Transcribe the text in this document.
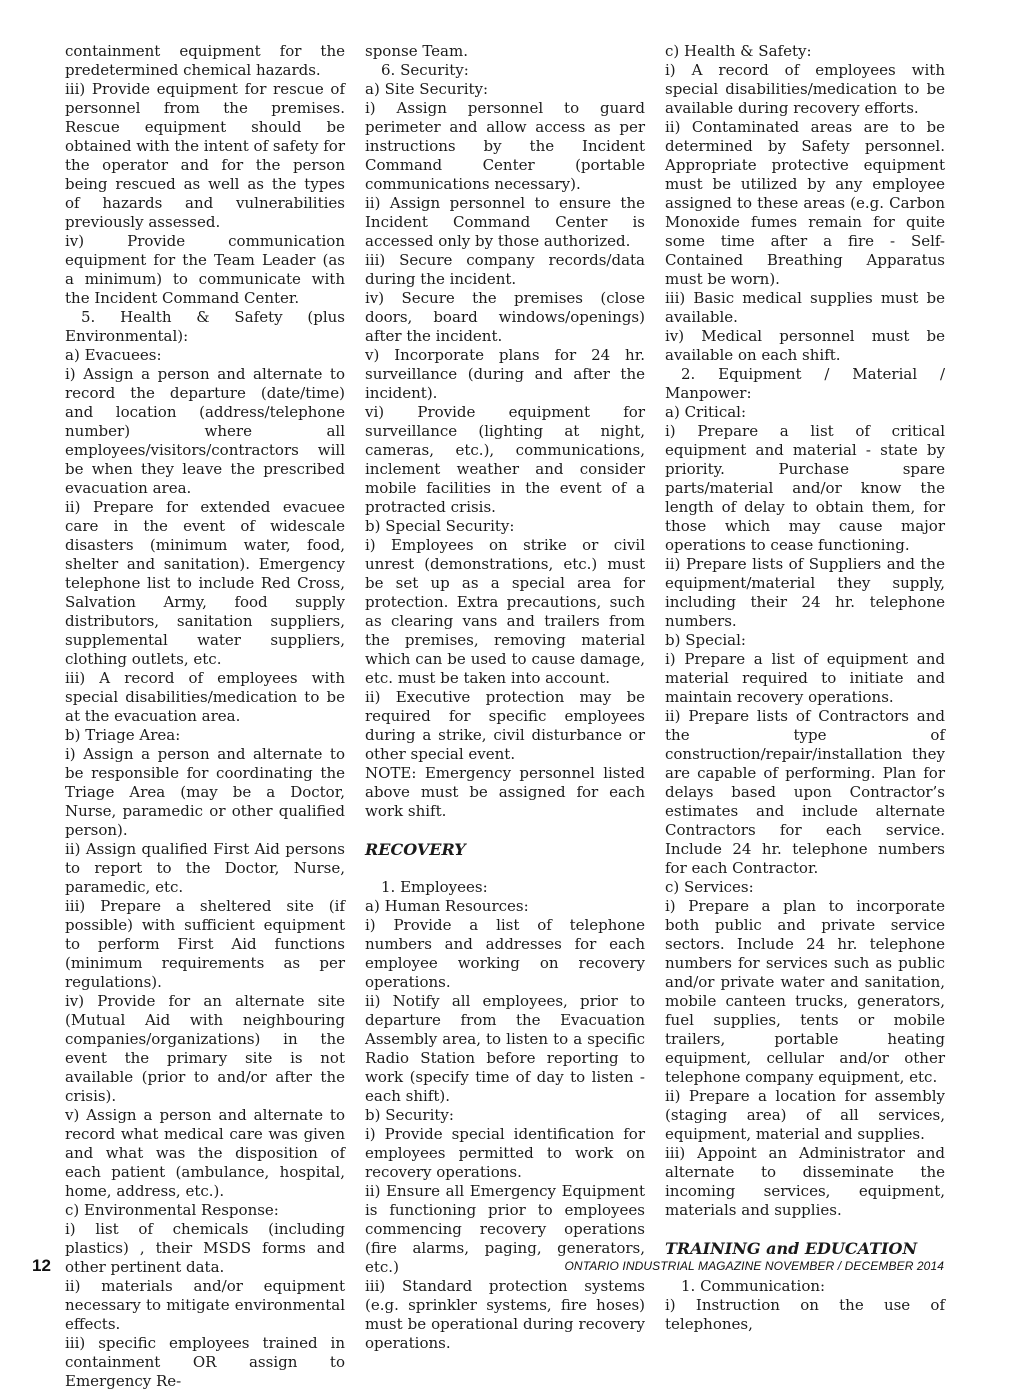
containment equipment for the predetermined chemical hazards.

iii) Provide equipment for rescue of personnel from the premises. Rescue equipment should be obtained with the intent of safety for the operator and for the person being rescued as well as the types of hazards and vulnerabilities previously assessed.

iv) Provide communication equipment for the Team Leader (as a minimum) to communicate with the Incident Command Center.

5. Health & Safety (plus Environmental):

a) Evacuees:

i) Assign a person and alternate to record the departure (date/time) and location (address/telephone number) where all employees/visitors/contractors will be when they leave the prescribed evacuation area.

ii) Prepare for extended evacuee care in the event of widescale disasters (minimum water, food, shelter and sanitation). Emergency telephone list to include Red Cross, Salvation Army, food supply distributors, sanitation suppliers, supplemental water suppliers, clothing outlets, etc.

iii) A record of employees with special disabilities/medication to be at the evacuation area.

b) Triage Area:

i) Assign a person and alternate to be responsible for coordinating the Triage Area (may be a Doctor, Nurse, paramedic or other qualified person).

ii) Assign qualified First Aid persons to report to the Doctor, Nurse, paramedic, etc.

iii) Prepare a sheltered site (if possible) with sufficient equipment to perform First Aid functions (minimum requirements as per regulations).

iv) Provide for an alternate site (Mutual Aid with neighbouring companies/organizations) in the event the primary site is not available (prior to and/or after the crisis).

v) Assign a person and alternate to record what medical care was given and what was the disposition of each patient (ambulance, hospital, home, address, etc.).

c) Environmental Response:

i) list of chemicals (including plastics) , their MSDS forms and other pertinent data.

ii) materials and/or equipment necessary to mitigate environmental effects.

iii) specific employees trained in containment OR assign to Emergency Re-

sponse Team.

6. Security:

a) Site Security:

i) Assign personnel to guard perimeter and allow access as per instructions by the Incident Command Center (portable communications necessary).

ii) Assign personnel to ensure the Incident Command Center is accessed only by those authorized.

iii) Secure company records/data during the incident.

iv) Secure the premises (close doors, board windows/openings) after the incident.

v) Incorporate plans for 24 hr. surveillance (during and after the incident).

vi) Provide equipment for surveillance (lighting at night, cameras, etc.), communications, inclement weather and consider mobile facilities in the event of a protracted crisis.

b) Special Security:

i) Employees on strike or civil unrest (demonstrations, etc.) must be set up as a special area for protection. Extra precautions, such as clearing vans and trailers from the premises, removing material which can be used to cause damage, etc. must be taken into account.

ii) Executive protection may be required for specific employees during a strike, civil disturbance or other special event.

NOTE: Emergency personnel listed above must be assigned for each work shift.

RECOVERY

1. Employees:

a) Human Resources:

i) Provide a list of telephone numbers and addresses for each employee working on recovery operations.

ii) Notify all employees, prior to departure from the Evacuation Assembly area, to listen to a specific Radio Station before reporting to work (specify time of day to listen - each shift).

b) Security:

i) Provide special identification for employees permitted to work on recovery operations.

ii) Ensure all Emergency Equipment is functioning prior to employees commencing recovery operations (fire alarms, paging, generators, etc.)

iii) Standard protection systems (e.g. sprinkler systems, fire hoses) must be operational during recovery operations.

c) Health & Safety:

i) A record of employees with special disabilities/medication to be available during recovery efforts.

ii) Contaminated areas are to be determined by Safety personnel. Appropriate protective equipment must be utilized by any employee assigned to these areas (e.g. Carbon Monoxide fumes remain for quite some time after a fire - Self-Contained Breathing Apparatus must be worn).

iii) Basic medical supplies must be available.

iv) Medical personnel must be available on each shift.

2. Equipment / Material / Manpower:

a) Critical:

i) Prepare a list of critical equipment and material - state by priority. Purchase spare parts/material and/or know the length of delay to obtain them, for those which may cause major operations to cease functioning.

ii) Prepare lists of Suppliers and the equipment/material they supply, including their 24 hr. telephone numbers.

b) Special:

i) Prepare a list of equipment and material required to initiate and maintain recovery operations.

ii) Prepare lists of Contractors and the type of construction/repair/installation they are capable of performing. Plan for delays based upon Contractor’s estimates and include alternate Contractors for each service. Include 24 hr. telephone numbers for each Contractor.

c) Services:

i) Prepare a plan to incorporate both public and private service sectors. Include 24 hr. telephone numbers for services such as public and/or private water and sanitation, mobile canteen trucks, generators, fuel supplies, tents or mobile trailers, portable heating equipment, cellular and/or other telephone company equipment, etc.

ii) Prepare a location for assembly (staging area) of all services, equipment, material and supplies.

iii) Appoint an Administrator and alternate to disseminate the incoming services, equipment, materials and supplies.

TRAINING and EDUCATION

1. Communication:

i) Instruction on the use of telephones,

12	ONTARIO INDUSTRIAL MAGAZINE NOVEMBER / DECEMBER 2014
